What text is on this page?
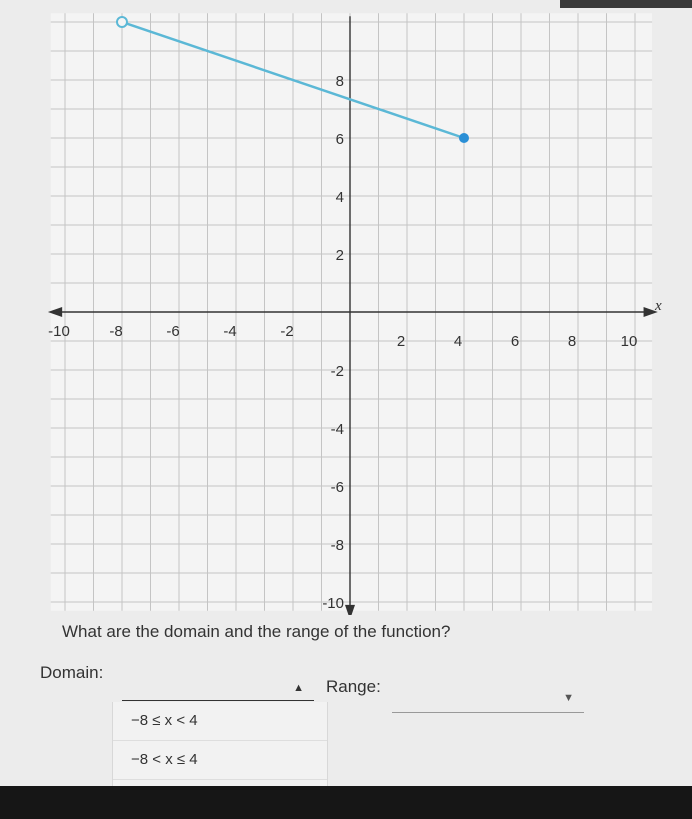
-10	-8	-6	-4	-2
2	4	6	8	10
8
6
4
2
-2
-4
-6
-8
-10
x
What are the domain and the range of the function?
Domain:
▲ Range:
▼
−8 ≤ x < 4
−8 < x ≤ 4
